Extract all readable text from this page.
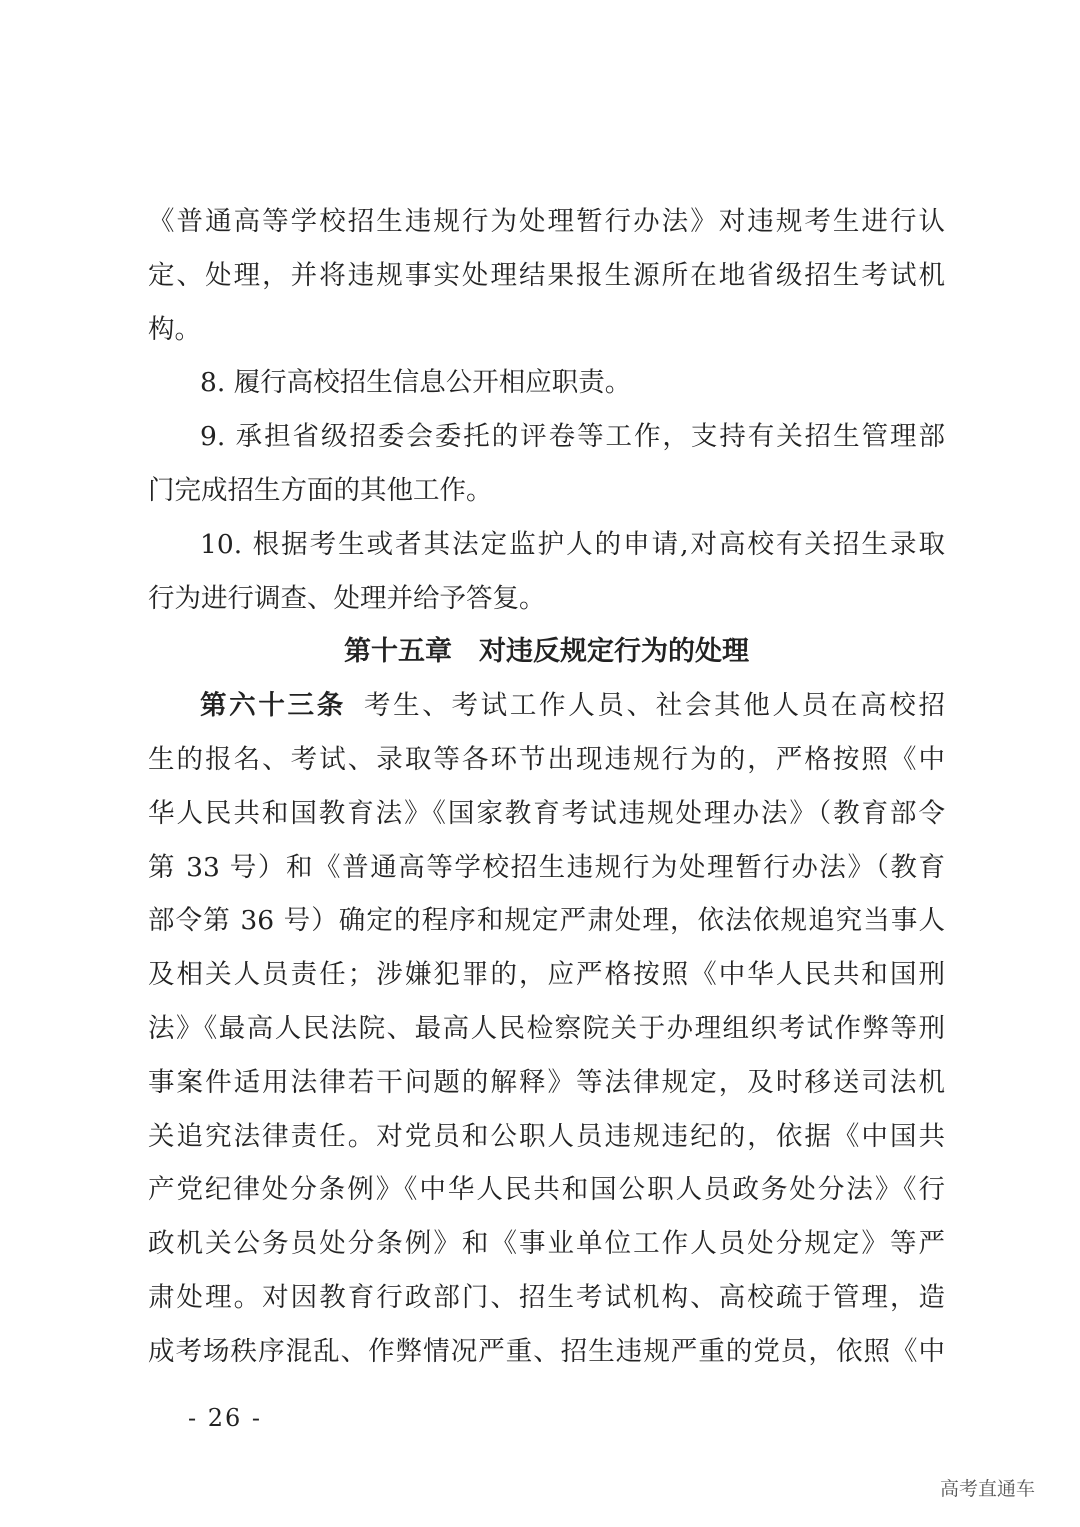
《普通高等学校招生违规行为处理暂行办法》对违规考生进行认
定、处理，并将违规事实处理结果报生源所在地省级招生考试机
构。
8. 履行高校招生信息公开相应职责。
9. 承担省级招委会委托的评卷等工作，支持有关招生管理部
门完成招生方面的其他工作。
10. 根据考生或者其法定监护人的申请,对高校有关招生录取
行为进行调查、处理并给予答复。
第十五章　对违反规定行为的处理
第六十三条 考生、考试工作人员、社会其他人员在高校招
生的报名、考试、录取等各环节出现违规行为的，严格按照《中
华人民共和国教育法》《国家教育考试违规处理办法》（教育部令
第 33 号）和《普通高等学校招生违规行为处理暂行办法》（教育
部令第 36 号）确定的程序和规定严肃处理，依法依规追究当事人
及相关人员责任；涉嫌犯罪的，应严格按照《中华人民共和国刑
法》《最高人民法院、最高人民检察院关于办理组织考试作弊等刑
事案件适用法律若干问题的解释》等法律规定，及时移送司法机
关追究法律责任。对党员和公职人员违规违纪的，依据《中国共
产党纪律处分条例》《中华人民共和国公职人员政务处分法》《行
政机关公务员处分条例》和《事业单位工作人员处分规定》等严
肃处理。对因教育行政部门、招生考试机构、高校疏于管理，造
成考场秩序混乱、作弊情况严重、招生违规严重的党员，依照《中
- 26 -
高考直通车
